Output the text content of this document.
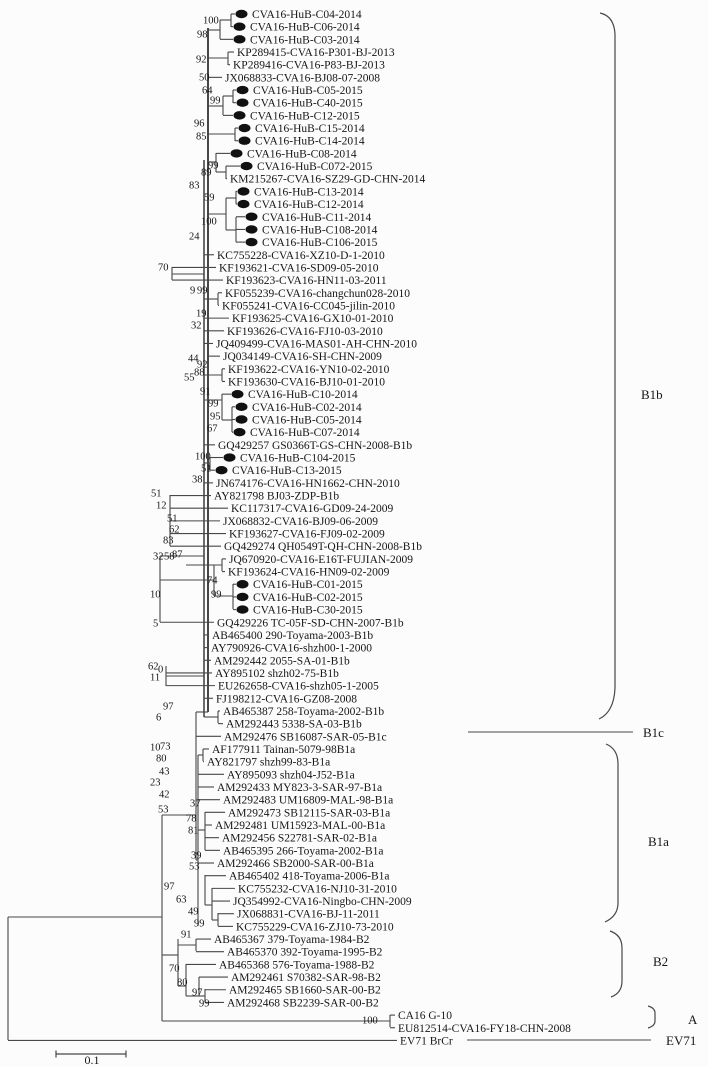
CVA16-HuB-C04-2014
CVA16-HuB-C06-2014
CVA16-HuB-C03-2014
KP289415-CVA16-P301-BJ-2013
KP289416-CVA16-P83-BJ-2013
JX068833-CVA16-BJ08-07-2008
CVA16-HuB-C05-2015
CVA16-HuB-C40-2015
CVA16-HuB-C12-2015
CVA16-HuB-C15-2014
CVA16-HuB-C14-2014
CVA16-HuB-C08-2014
CVA16-HuB-C072-2015
KM215267-CVA16-SZ29-GD-CHN-2014
CVA16-HuB-C13-2014
CVA16-HuB-C12-2014
CVA16-HuB-C11-2014
CVA16-HuB-C108-2014
CVA16-HuB-C106-2015
KC755228-CVA16-XZ10-D-1-2010
KF193621-CVA16-SD09-05-2010
KF193623-CVA16-HN11-03-2011
KF055239-CVA16-changchun028-2010
KF055241-CVA16-CC045-jilin-2010
KF193625-CVA16-GX10-01-2010
KF193626-CVA16-FJ10-03-2010
JQ409499-CVA16-MAS01-AH-CHN-2010
JQ034149-CVA16-SH-CHN-2009
KF193622-CVA16-YN10-02-2010
KF193630-CVA16-BJ10-01-2010
CVA16-HuB-C10-2014
CVA16-HuB-C02-2014
CVA16-HuB-C05-2014
CVA16-HuB-C07-2014
GQ429257 GS0366T-GS-CHN-2008-B1b
CVA16-HuB-C104-2015
CVA16-HuB-C13-2015
JN674176-CVA16-HN1662-CHN-2010
AY821798 BJ03-ZDP-B1b
KC117317-CVA16-GD09-24-2009
JX068832-CVA16-BJ09-06-2009
KF193627-CVA16-FJ09-02-2009
GQ429274 QH0549T-QH-CHN-2008-B1b
JQ670920-CVA16-E16T-FUJIAN-2009
KF193624-CVA16-HN09-02-2009
CVA16-HuB-C01-2015
CVA16-HuB-C02-2015
CVA16-HuB-C30-2015
GQ429226 TC-05F-SD-CHN-2007-B1b
AB465400 290-Toyama-2003-B1b
AY790926-CVA16-shzh00-1-2000
AM292442 2055-SA-01-B1b
AY895102 shzh02-75-B1b
EU262658-CVA16-shzh05-1-2005
FJ198212-CVA16-GZ08-2008
AB465387 258-Toyama-2002-B1b
AM292443 5338-SA-03-B1b
AM292476 SB16087-SAR-05-B1c
AF177911 Tainan-5079-98B1a
AY821797 shzh99-83-B1a
AY895093 shzh04-J52-B1a
AM292433 MY823-3-SAR-97-B1a
AM292483 UM16809-MAL-98-B1a
AM292473 SB12115-SAR-03-B1a
AM292481 UM15923-MAL-00-B1a
AM292456 S22781-SAR-02-B1a
AB465395 266-Toyama-2002-B1a
AM292466 SB2000-SAR-00-B1a
AB465402 418-Toyama-2006-B1a
KC755232-CVA16-NJ10-31-2010
JQ354992-CVA16-Ningbo-CHN-2009
JX068831-CVA16-BJ-11-2011
KC755229-CVA16-ZJ10-73-2010
AB465367 379-Toyama-1984-B2
AB465370 392-Toyama-1995-B2
AB465368 576-Toyama-1988-B2
AM292461 S70382-SAR-98-B2
AM292465 SB1660-SAR-00-B2
AM292468 SB2239-SAR-00-B2
CA16 G-10
EU812514-CVA16-FY18-CHN-2008
EV71 BrCr
100
98
92
50
64
99
96
85
99
89
83
59
100
24
70
9 99
19
32
44
92
88
55
91
99
95
67
100
51
38
51
12
51
62
83
32 58
87
74
99
10
5
62 0
11
97
6
10 73
80
43
23
42
53
37
78
81
39
53
97
63
49
99
91
70
80
97
99
100
B1b
B1c
B1a
B2
A
EV71
0.1
